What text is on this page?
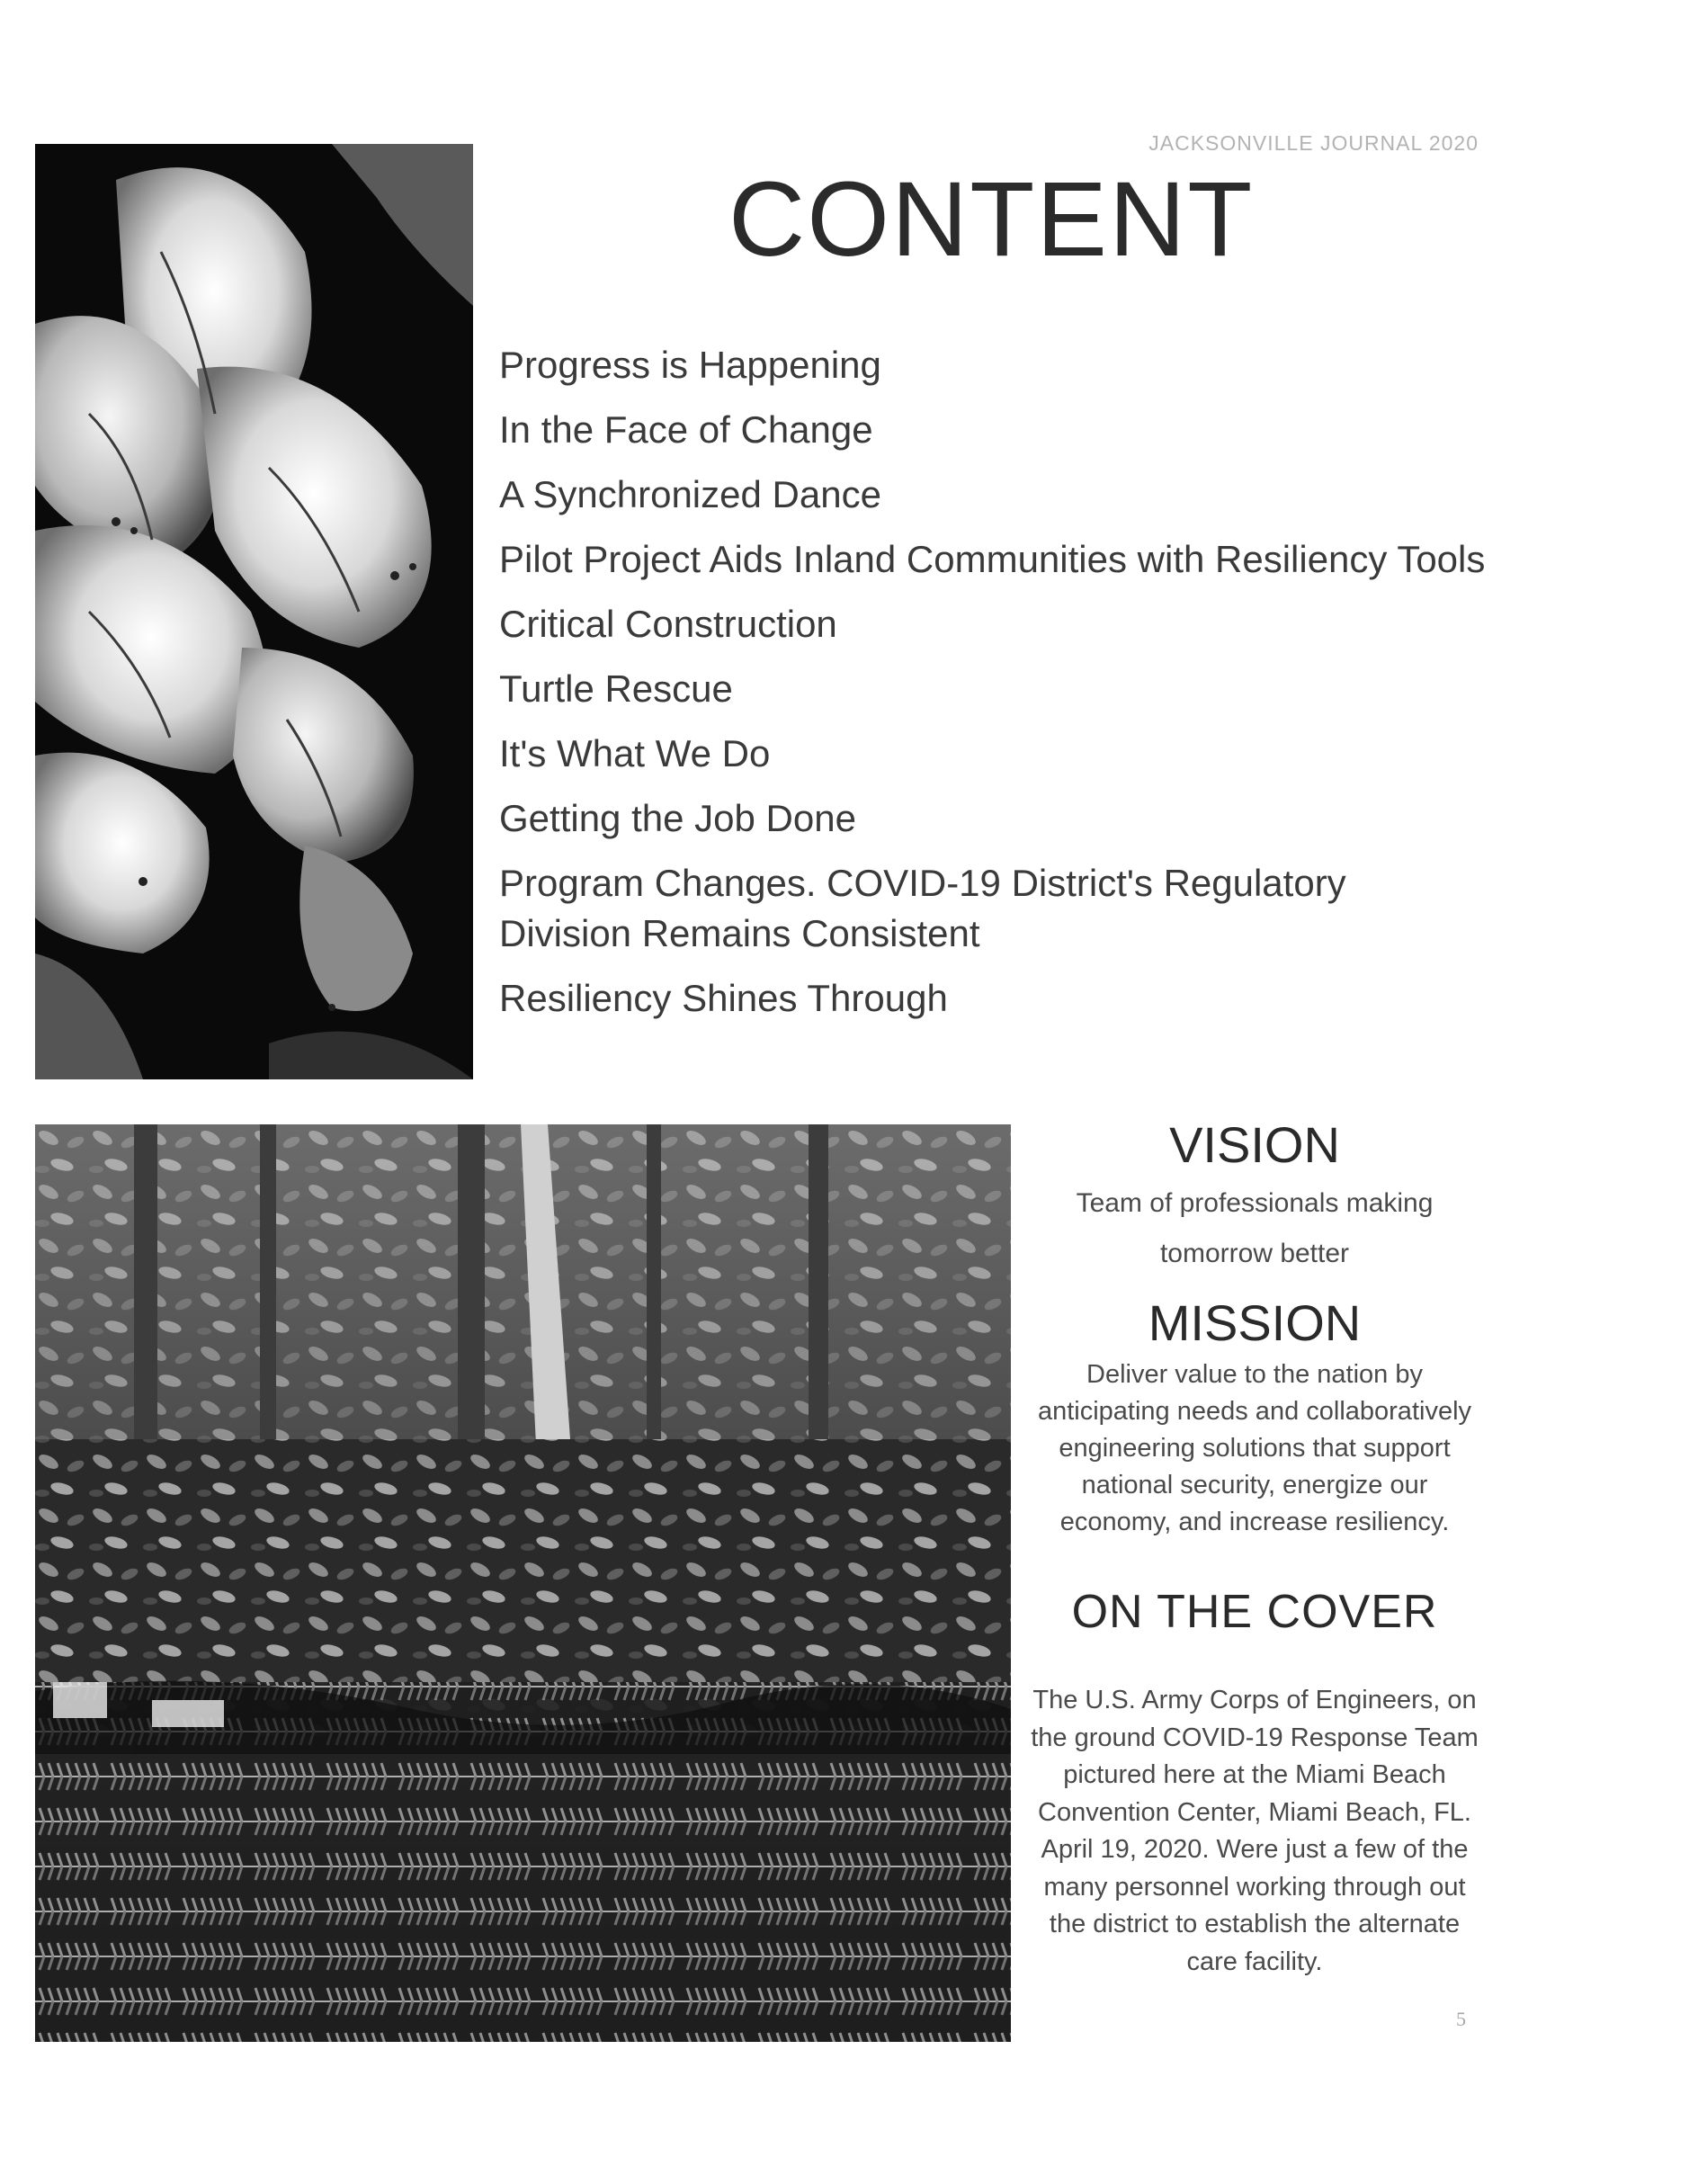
JACKSONVILLE JOURNAL 2020
CONTENT
Progress is Happening
In the Face of Change
A Synchronized Dance
Pilot Project Aids Inland Communities with Resiliency Tools
Critical Construction
Turtle Rescue
It's What We Do
Getting the Job Done
Program Changes. COVID-19 District's Regulatory Division Remains Consistent
Resiliency Shines Through
VISION

Team of professionals making tomorrow better

MISSION

Deliver value to the nation by anticipating needs and collaboratively engineering solutions that support national security, energize our economy, and increase resiliency.

ON THE COVER

The U.S. Army Corps of Engineers, on the ground COVID-19 Response Team pictured here at the Miami Beach Convention Center, Miami Beach, FL. April 19, 2020. Were just a few of the many personnel working through out the district to establish the alternate care facility.

5
